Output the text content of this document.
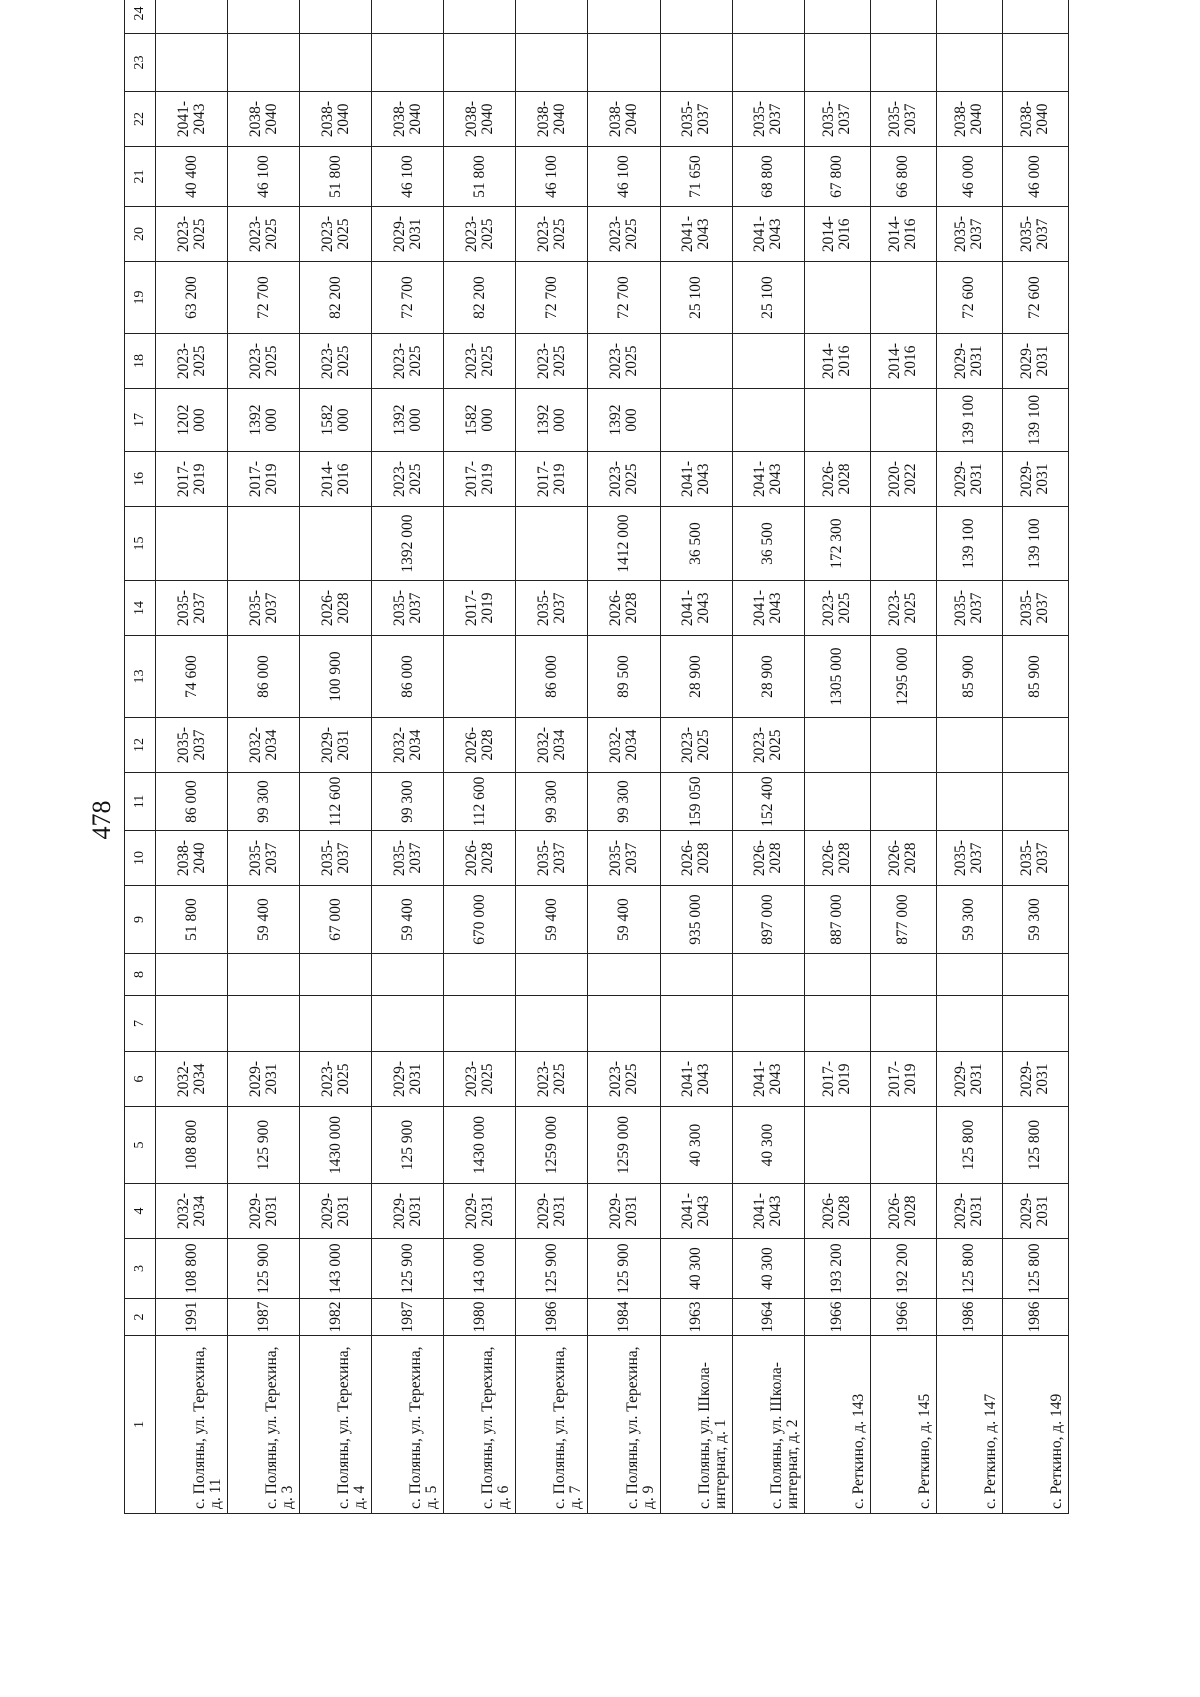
478
1	2	3	4	5	6	7	8	9	10	11	12	13	14	15	16	17	18	19	20	21	22	23	24
с. Поляны, ул. Терехина, д. 11	1991	108 800	2032-2034	108 800	2032-2034			51 800	2038-2040	86 000	2035-2037	74 600	2035-2037		2017-2019	1202 000	2023-2025	63 200	2023-2025	40 400	2041-2043		
с. Поляны, ул. Терехина, д. 3	1987	125 900	2029-2031	125 900	2029-2031			59 400	2035-2037	99 300	2032-2034	86 000	2035-2037		2017-2019	1392 000	2023-2025	72 700	2023-2025	46 100	2038-2040		
с. Поляны, ул. Терехина, д. 4	1982	143 000	2029-2031	1430 000	2023-2025			67 000	2035-2037	112 600	2029-2031	100 900	2026-2028		2014-2016	1582 000	2023-2025	82 200	2023-2025	51 800	2038-2040		
с. Поляны, ул. Терехина, д. 5	1987	125 900	2029-2031	125 900	2029-2031			59 400	2035-2037	99 300	2032-2034	86 000	2035-2037	1392 000	2023-2025	1392 000	2023-2025	72 700	2029-2031	46 100	2038-2040		
с. Поляны, ул. Терехина, д. 6	1980	143 000	2029-2031	1430 000	2023-2025			670 000	2026-2028	112 600	2026-2028		2017-2019		2017-2019	1582 000	2023-2025	82 200	2023-2025	51 800	2038-2040		
с. Поляны, ул. Терехина, д. 7	1986	125 900	2029-2031	1259 000	2023-2025			59 400	2035-2037	99 300	2032-2034	86 000	2035-2037		2017-2019	1392 000	2023-2025	72 700	2023-2025	46 100	2038-2040		
с. Поляны, ул. Терехина, д. 9	1984	125 900	2029-2031	1259 000	2023-2025			59 400	2035-2037	99 300	2032-2034	89 500	2026-2028	1412 000	2023-2025	1392 000	2023-2025	72 700	2023-2025	46 100	2038-2040		
с. Поляны, ул. Школа-интернат, д. 1	1963	40 300	2041-2043	40 300	2041-2043			935 000	2026-2028	159 050	2023-2025	28 900	2041-2043	36 500	2041-2043			25 100	2041-2043	71 650	2035-2037		
с. Поляны, ул. Школа-интернат, д. 2	1964	40 300	2041-2043	40 300	2041-2043			897 000	2026-2028	152 400	2023-2025	28 900	2041-2043	36 500	2041-2043			25 100	2041-2043	68 800	2035-2037		
с. Реткино, д. 143	1966	193 200	2026-2028		2017-2019			887 000	2026-2028			1305 000	2023-2025	172 300	2026-2028		2014-2016		2014-2016	67 800	2035-2037		
с. Реткино, д. 145	1966	192 200	2026-2028		2017-2019			877 000	2026-2028			1295 000	2023-2025		2020-2022		2014-2016		2014-2016	66 800	2035-2037		
с. Реткино, д. 147	1986	125 800	2029-2031	125 800	2029-2031			59 300	2035-2037			85 900	2035-2037	139 100	2029-2031	139 100	2029-2031	72 600	2035-2037	46 000	2038-2040		
с. Реткино, д. 149	1986	125 800	2029-2031	125 800	2029-2031			59 300	2035-2037			85 900	2035-2037	139 100	2029-2031	139 100	2029-2031	72 600	2035-2037	46 000	2038-2040		
